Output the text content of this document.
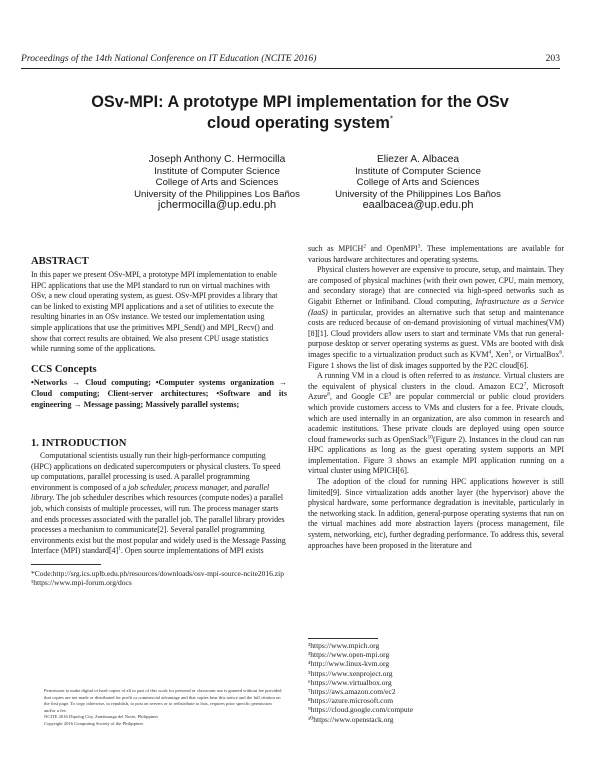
Proceedings of the 14th National Conference on IT Education (NCITE 2016)	203
OSv-MPI: A prototype MPI implementation for the OSv
cloud operating system*
Joseph Anthony C. Hermocilla
Institute of Computer Science
College of Arts and Sciences
University of the Philippines Los Baños
jchermocilla@up.edu.ph
Eliezer A. Albacea
Institute of Computer Science
College of Arts and Sciences
University of the Philippines Los Baños
eaalbacea@up.edu.ph
ABSTRACT

In this paper we present OSv-MPI, a prototype MPI implementation to enable HPC applications that use the MPI standard to run on virtual machines with OSv, a new cloud operating system, as guest. OSv-MPI provides a library that can be linked to existing MPI applications and a set of utilities to execute the resulting binaries in an OSv instance. We tested our implementation using simple applications that use the primitives MPI_Send() and MPI_Recv() and show that correct results are obtained. We also present CPU usage statistics while running some of the applications.

CCS Concepts

•Networks → Cloud computing; •Computer systems organization → Cloud computing; Client-server architectures; •Software and its engineering → Message passing; Massively parallel systems;

1. INTRODUCTION

Computational scientists usually run their high-performance computing (HPC) applications on dedicated supercomputers or physical clusters. To speed up computations, parallel processing is used. A parallel programming environment is composed of a job scheduler, process manager, and parallel library. The job scheduler describes which resources (compute nodes) a parallel job, which consists of multiple processes, will run. The process manager starts and ends processes associated with the parallel job. The parallel library provides processes a mechanism to communicate[2]. Several parallel programming environments exist but the most popular and widely used is the Message Passing Interface (MPI) $standard[4]^1$. Open source implementations of MPI exists

*Code:http://srg.ics.uplb.edu.ph/resources/downloads/osv-mpi-source-ncite2016.zip

¹https://www.mpi-forum.org/docs

Permission to make digital or hard copies of all or part of this work for personal or classroom use is granted without fee provided that copies are not made or distributed for profit or commercial advantage and that copies bear this notice and the full citation on the first page. To copy otherwise, to republish, to post on servers or to redistribute to lists, requires prior specific permission and/or a fee.

NCITE 2016 Dipolog City, Zamboanga del Norte, Philippines

Copyright 2016 Computing Society of the Philippines

such as MPICH$^2$ and OpenMPI$^3$. These implementations are available for various hardware architectures and operating systems.

Physical clusters however are expensive to procure, setup, and maintain. They are composed of physical machines (with their own power, CPU, main memory, and secondary storage) that are connected via high-speed networks such as Gigabit Ethernet or Infiniband. Cloud computing, Infrastructure as a Service (IaaS) in particular, provides an alternative such that setup and maintenance costs are reduced because of on-demand provisioning of virtual machines(VM)[8][1]. Cloud providers allow users to start and terminate VMs that run general-purpose desktop or server operating systems as guest. VMs are booted with disk images specific to a virtualization product such as KVM$^4$, Xen$^5$, or VirtualBox$^6$. Figure 1 shows the list of disk images supported by the P2C cloud[6].

A running VM in a cloud is often referred to as instance. Virtual clusters are the equivalent of physical clusters in the cloud. Amazon $EC2^7$, Microsoft Azure$^8$, and Google $CE^9$ are popular commercial or public cloud providers which provide customers access to VMs and clusters for a fee. Private clouds, which are used internally in an organization, are also common in research and academic institutions. These private clouds are deployed using open source cloud frameworks such as OpenStack$^{10}$(Figure 2). Instances in the cloud can run HPC applications as long as the guest operating system supports an MPI implementation. Figure 3 shows an example MPI application running on a virtual cluster using MPICH[6].

The adoption of the cloud for running HPC applications however is still limited[9]. Since virtualization adds another layer (the hypervisor) above the physical hardware, some performance degradation is inevitable, particularly in the networking stack. In addition, general-purpose operating systems that run on the virtual machines add more abstraction layers (process management, file system, networking, etc), further degrading performance. To address this, several approaches have been proposed in the literature and

²https://www.mpich.org

³https://www.open-mpi.org

⁴http://www.linux-kvm.org

⁵https://www.xenproject.org

⁶https://www.virtualbox.org

⁷https://aws.amazon.com/ec2

⁸https://azure.microsoft.com

⁹https://cloud.google.com/compute

¹⁰https://www.openstack.org
